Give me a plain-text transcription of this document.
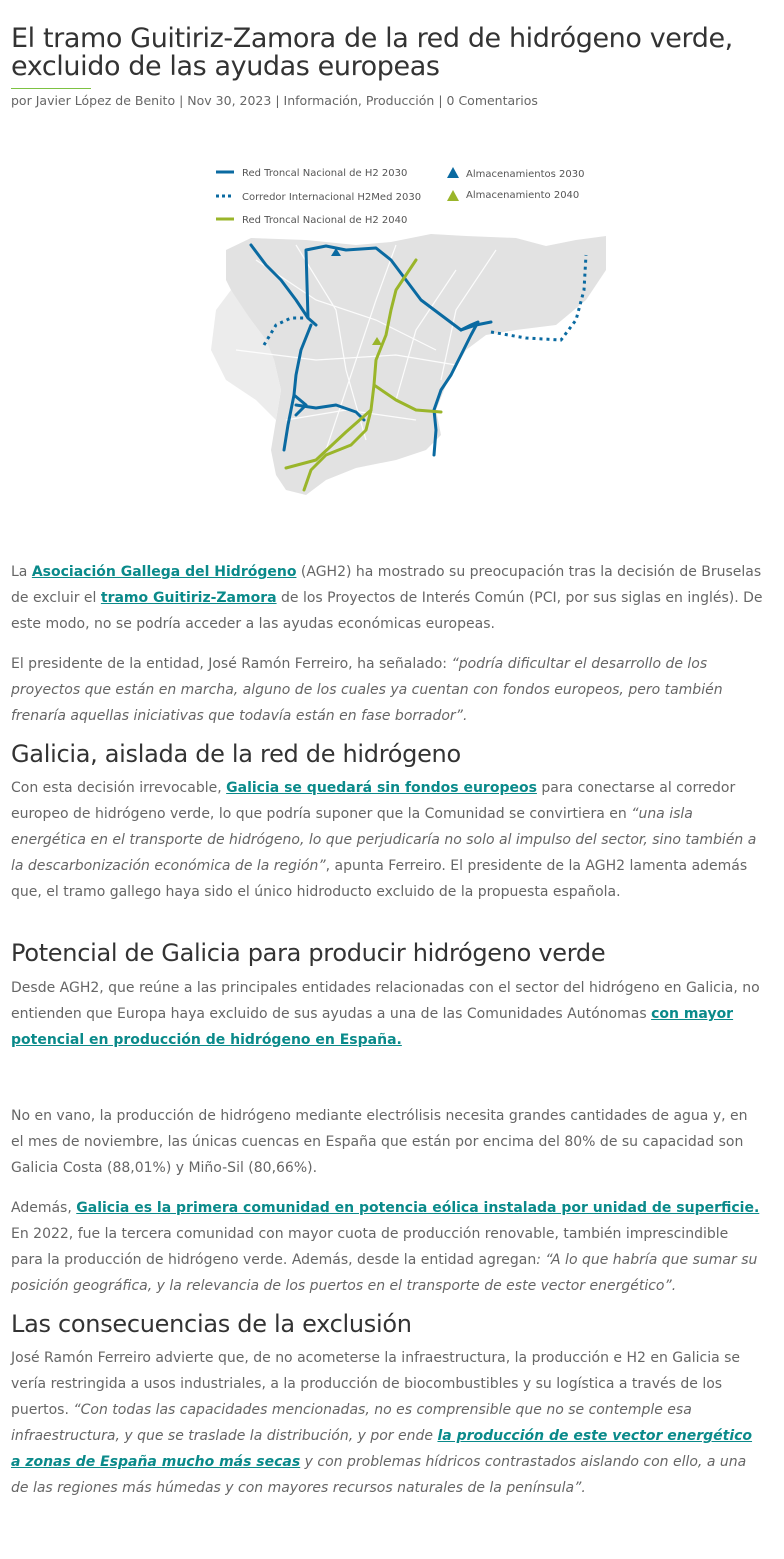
El tramo Guitiriz-Zamora de la red de hidrógeno verde, excluido de las ayudas europeas
por Javier López de Benito | Nov 30, 2023 | Información, Producción | 0 Comentarios
Red Troncal Nacional de H2 2030
Corredor Internacional H2Med 2030
Red Troncal Nacional de H2 2040
Almacenamientos 2030
Almacenamiento 2040

La Asociación Gallega del Hidrógeno (AGH2) ha mostrado su preocupación tras la decisión de Bruselas de excluir el tramo Guitiriz-Zamora de los Proyectos de Interés Común (PCI, por sus siglas en inglés). De este modo, no se podría acceder a las ayudas económicas europeas.

El presidente de la entidad, José Ramón Ferreiro, ha señalado: “podría dificultar el desarrollo de los proyectos que están en marcha, alguno de los cuales ya cuentan con fondos europeos, pero también frenaría aquellas iniciativas que todavía están en fase borrador”.

Galicia, aislada de la red de hidrógeno

Con esta decisión irrevocable, Galicia se quedará sin fondos europeos para conectarse al corredor europeo de hidrógeno verde, lo que podría suponer que la Comunidad se convirtiera en “una isla energética en el transporte de hidrógeno, lo que perjudicaría no solo al impulso del sector, sino también a la descarbonización económica de la región”, apunta Ferreiro. El presidente de la AGH2 lamenta además que, el tramo gallego haya sido el único hidroducto excluido de la propuesta española.

Potencial de Galicia para producir hidrógeno verde

Desde AGH2, que reúne a las principales entidades relacionadas con el sector del hidrógeno en Galicia, no entienden que Europa haya excluido de sus ayudas a una de las Comunidades Autónomas con mayor potencial en producción de hidrógeno en España.

No en vano, la producción de hidrógeno mediante electrólisis necesita grandes cantidades de agua y, en el mes de noviembre, las únicas cuencas en España que están por encima del 80% de su capacidad son Galicia Costa (88,01%) y Miño-Sil (80,66%).

Además, Galicia es la primera comunidad en potencia eólica instalada por unidad de superficie. En 2022, fue la tercera comunidad con mayor cuota de producción renovable, también imprescindible para la producción de hidrógeno verde. Además, desde la entidad agregan: “A lo que habría que sumar su posición geográfica, y la relevancia de los puertos en el transporte de este vector energético”.

Las consecuencias de la exclusión

José Ramón Ferreiro advierte que, de no acometerse la infraestructura, la producción e H2 en Galicia se vería restringida a usos industriales, a la producción de biocombustibles y su logística a través de los puertos. “Con todas las capacidades mencionadas, no es comprensible que no se contemple esa infraestructura, y que se traslade la distribución, y por ende la producción de este vector energético a zonas de España mucho más secas y con problemas hídricos contrastados aislando con ello, a una de las regiones más húmedas y con mayores recursos naturales de la península”.
